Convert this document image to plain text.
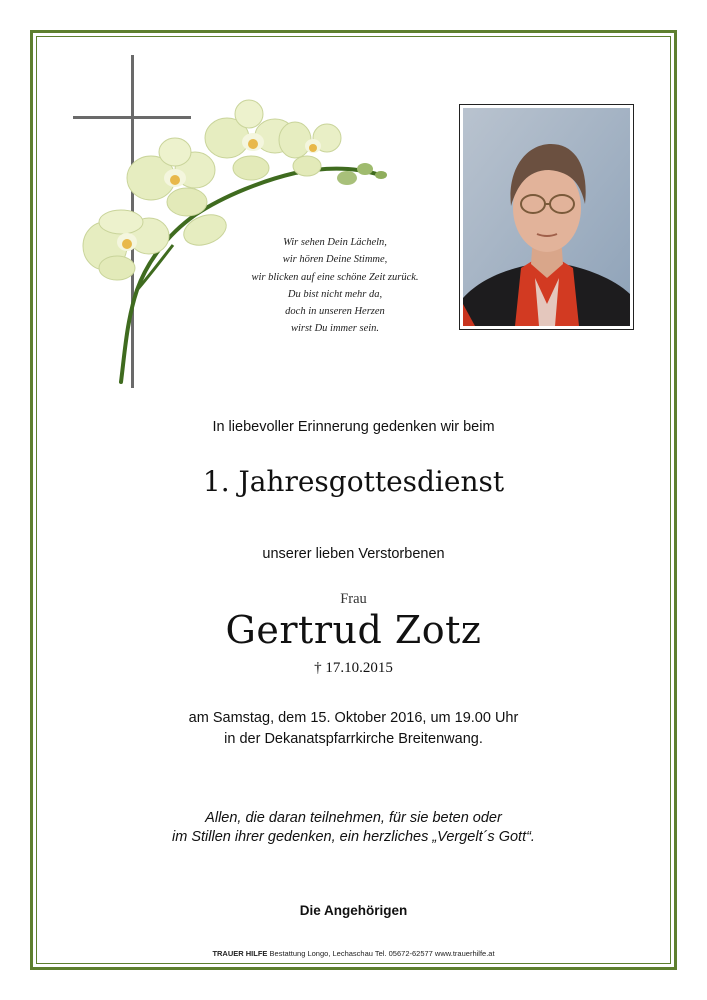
Wir sehen Dein Lächeln,
wir hören Deine Stimme,
wir blicken auf eine schöne Zeit zurück.
Du bist nicht mehr da,
doch in unseren Herzen
wirst Du immer sein.
In liebevoller Erinnerung gedenken wir beim
1. Jahresgottesdienst
unserer lieben Verstorbenen
Frau
Gertrud Zotz
† 17.10.2015
am Samstag, dem 15. Oktober 2016, um 19.00 Uhr
in der Dekanatspfarrkirche Breitenwang.
Allen, die daran teilnehmen, für sie beten oder
im Stillen ihrer gedenken, ein herzliches „Vergelt´s Gott“.
Die Angehörigen
TRAUER HILFE Bestattung Longo, Lechaschau Tel. 05672-62577 www.trauerhilfe.at
